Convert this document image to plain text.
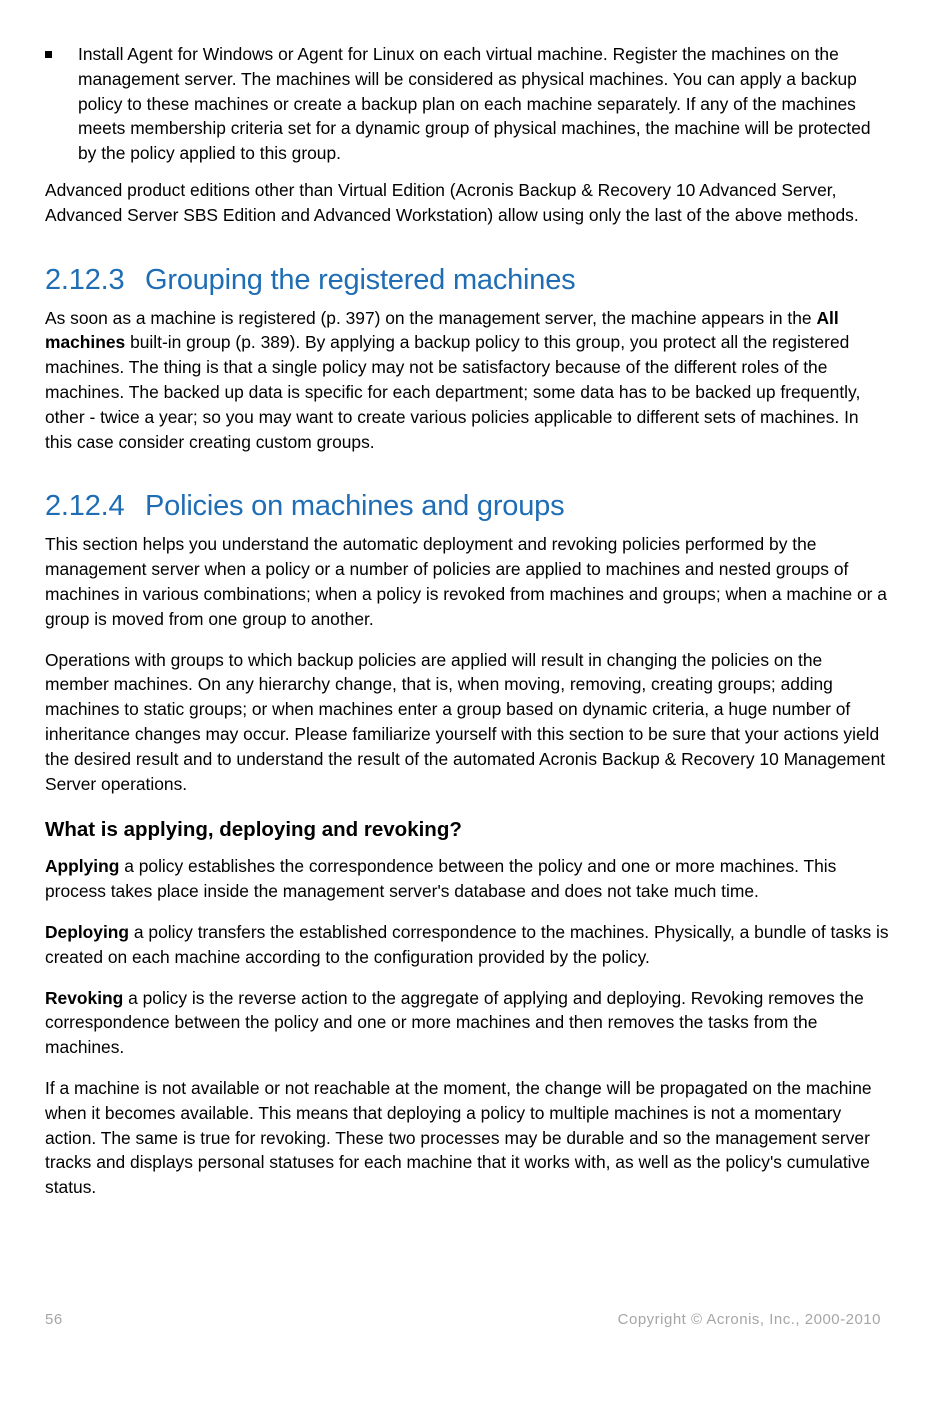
Install Agent for Windows or Agent for Linux on each virtual machine. Register the machines on the management server. The machines will be considered as physical machines. You can apply a backup policy to these machines or create a backup plan on each machine separately. If any of the machines meets membership criteria set for a dynamic group of physical machines, the machine will be protected by the policy applied to this group.

Advanced product editions other than Virtual Edition (Acronis Backup & Recovery 10 Advanced Server, Advanced Server SBS Edition and Advanced Workstation) allow using only the last of the above methods.

2.12.3 Grouping the registered machines

As soon as a machine is registered (p. 397) on the management server, the machine appears in the All machines built-in group (p. 389). By applying a backup policy to this group, you protect all the registered machines. The thing is that a single policy may not be satisfactory because of the different roles of the machines. The backed up data is specific for each department; some data has to be backed up frequently, other - twice a year; so you may want to create various policies applicable to different sets of machines. In this case consider creating custom groups.

2.12.4 Policies on machines and groups

This section helps you understand the automatic deployment and revoking policies performed by the management server when a policy or a number of policies are applied to machines and nested groups of machines in various combinations; when a policy is revoked from machines and groups; when a machine or a group is moved from one group to another.

Operations with groups to which backup policies are applied will result in changing the policies on the member machines. On any hierarchy change, that is, when moving, removing, creating groups; adding machines to static groups; or when machines enter a group based on dynamic criteria, a huge number of inheritance changes may occur. Please familiarize yourself with this section to be sure that your actions yield the desired result and to understand the result of the automated Acronis Backup & Recovery 10 Management Server operations.

What is applying, deploying and revoking?

Applying a policy establishes the correspondence between the policy and one or more machines. This process takes place inside the management server's database and does not take much time.

Deploying a policy transfers the established correspondence to the machines. Physically, a bundle of tasks is created on each machine according to the configuration provided by the policy.

Revoking a policy is the reverse action to the aggregate of applying and deploying. Revoking removes the correspondence between the policy and one or more machines and then removes the tasks from the machines.

If a machine is not available or not reachable at the moment, the change will be propagated on the machine when it becomes available. This means that deploying a policy to multiple machines is not a momentary action. The same is true for revoking. These two processes may be durable and so the management server tracks and displays personal statuses for each machine that it works with, as well as the policy's cumulative status.

56	Copyright © Acronis, Inc., 2000-2010
